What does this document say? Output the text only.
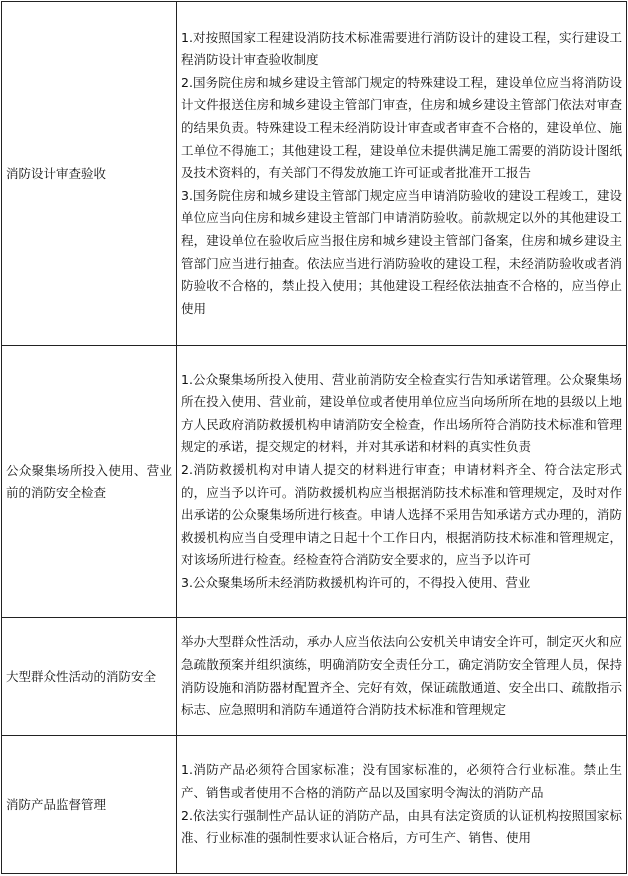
消防设计审查验收	1.对按照国家工程建设消防技术标准需要进行消防设计的建设工程，实行建设工程消防设计审查验收制度
2.国务院住房和城乡建设主管部门规定的特殊建设工程，建设单位应当将消防设计文件报送住房和城乡建设主管部门审查，住房和城乡建设主管部门依法对审查的结果负责。特殊建设工程未经消防设计审查或者审查不合格的，建设单位、施工单位不得施工；其他建设工程，建设单位未提供满足施工需要的消防设计图纸及技术资料的，有关部门不得发放施工许可证或者批准开工报告
3.国务院住房和城乡建设主管部门规定应当申请消防验收的建设工程竣工，建设单位应当向住房和城乡建设主管部门申请消防验收。前款规定以外的其他建设工程，建设单位在验收后应当报住房和城乡建设主管部门备案，住房和城乡建设主管部门应当进行抽查。依法应当进行消防验收的建设工程，未经消防验收或者消防验收不合格的，禁止投入使用；其他建设工程经依法抽查不合格的，应当停止使用

公众聚集场所投入使用、营业前的消防安全检查	1.公众聚集场所投入使用、营业前消防安全检查实行告知承诺管理。公众聚集场所在投入使用、营业前，建设单位或者使用单位应当向场所所在地的县级以上地方人民政府消防救援机构申请消防安全检查，作出场所符合消防技术标准和管理规定的承诺，提交规定的材料，并对其承诺和材料的真实性负责
2.消防救援机构对申请人提交的材料进行审查；申请材料齐全、符合法定形式的，应当予以许可。消防救援机构应当根据消防技术标准和管理规定，及时对作出承诺的公众聚集场所进行核查。申请人选择不采用告知承诺方式办理的，消防救援机构应当自受理申请之日起十个工作日内，根据消防技术标准和管理规定，对该场所进行检查。经检查符合消防安全要求的，应当予以许可
3.公众聚集场所未经消防救援机构许可的，不得投入使用、营业

大型群众性活动的消防安全	举办大型群众性活动，承办人应当依法向公安机关申请安全许可，制定灭火和应急疏散预案并组织演练，明确消防安全责任分工，确定消防安全管理人员，保持消防设施和消防器材配置齐全、完好有效，保证疏散通道、安全出口、疏散指示标志、应急照明和消防车通道符合消防技术标准和管理规定

消防产品监督管理	1.消防产品必须符合国家标准；没有国家标准的，必须符合行业标准。禁止生产、销售或者使用不合格的消防产品以及国家明令淘汰的消防产品
2.依法实行强制性产品认证的消防产品，由具有法定资质的认证机构按照国家标准、行业标准的强制性要求认证合格后，方可生产、销售、使用
